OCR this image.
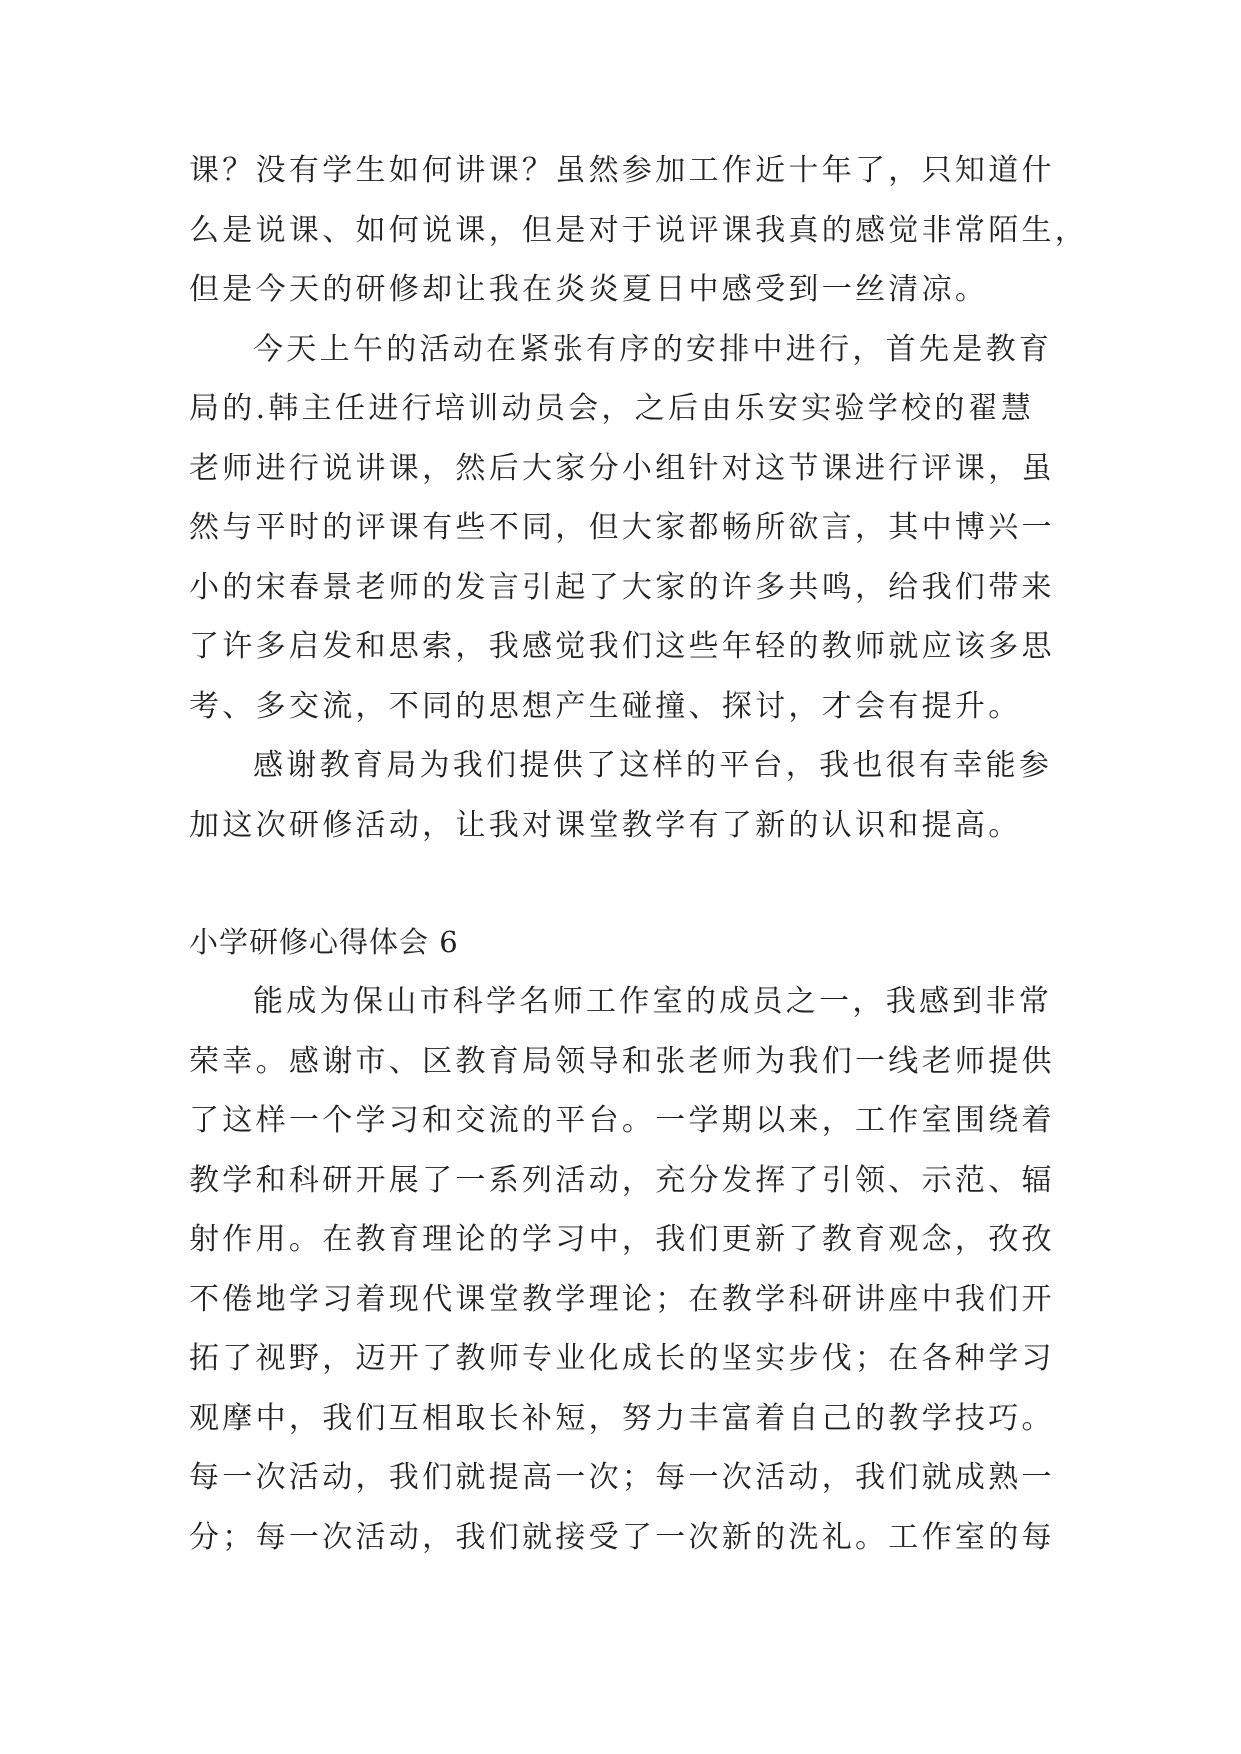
课？没有学生如何讲课？虽然参加工作近十年了，只知道什
么是说课、如何说课，但是对于说评课我真的感觉非常陌生，
但是今天的研修却让我在炎炎夏日中感受到一丝清凉。
今天上午的活动在紧张有序的安排中进行，首先是教育
局的.韩主任进行培训动员会，之后由乐安实验学校的翟慧
老师进行说讲课，然后大家分小组针对这节课进行评课，虽
然与平时的评课有些不同，但大家都畅所欲言，其中博兴一
小的宋春景老师的发言引起了大家的许多共鸣，给我们带来
了许多启发和思索，我感觉我们这些年轻的教师就应该多思
考、多交流，不同的思想产生碰撞、探讨，才会有提升。
感谢教育局为我们提供了这样的平台，我也很有幸能参
加这次研修活动，让我对课堂教学有了新的认识和提高。
小学研修心得体会 6
能成为保山市科学名师工作室的成员之一，我感到非常
荣幸。感谢市、区教育局领导和张老师为我们一线老师提供
了这样一个学习和交流的平台。一学期以来，工作室围绕着
教学和科研开展了一系列活动，充分发挥了引领、示范、辐
射作用。在教育理论的学习中，我们更新了教育观念，孜孜
不倦地学习着现代课堂教学理论；在教学科研讲座中我们开
拓了视野，迈开了教师专业化成长的坚实步伐；在各种学习
观摩中，我们互相取长补短，努力丰富着自己的教学技巧。
每一次活动，我们就提高一次；每一次活动，我们就成熟一
分；每一次活动，我们就接受了一次新的洗礼。工作室的每
